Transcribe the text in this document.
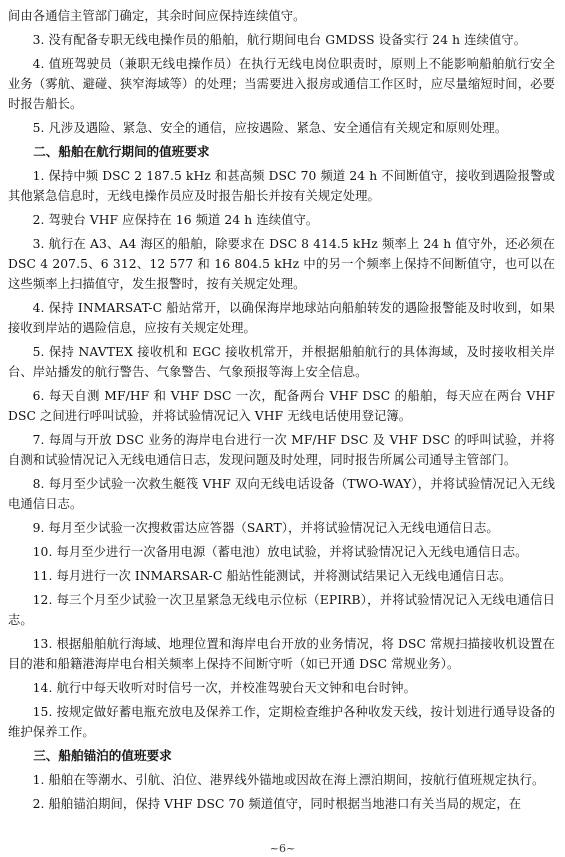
间由各通信主管部门确定，其余时间应保持连续值守。

3. 没有配备专职无线电操作员的船舶，航行期间电台 GMDSS 设备实行 24 h 连续值守。

4. 值班驾驶员（兼职无线电操作员）在执行无线电岗位职责时，原则上不能影响船舶航行安全业务（雾航、避碰、狭窄海域等）的处理；当需要进入报房或通信工作区时，应尽量缩短时间，必要时报告船长。

5. 凡涉及遇险、紧急、安全的通信，应按遇险、紧急、安全通信有关规定和原则处理。

二、船舶在航行期间的值班要求

1. 保持中频 DSC 2 187.5 kHz 和甚高频 DSC 70 频道 24 h 不间断值守，接收到遇险报警或其他紧急信息时，无线电操作员应及时报告船长并按有关规定处理。

2. 驾驶台 VHF 应保持在 16 频道 24 h 连续值守。

3. 航行在 A3、A4 海区的船舶，除要求在 DSC 8 414.5 kHz 频率上 24 h 值守外，还必须在 DSC 4 207.5、6 312、12 577 和 16 804.5 kHz 中的另一个频率上保持不间断值守，也可以在这些频率上扫描值守，发生报警时，按有关规定处理。

4. 保持 INMARSAT-C 船站常开，以确保海岸地球站向船舶转发的遇险报警能及时收到，如果接收到岸站的遇险信息，应按有关规定处理。

5. 保持 NAVTEX 接收机和 EGC 接收机常开，并根据船舶航行的具体海域，及时接收相关岸台、岸站播发的航行警告、气象警告、气象预报等海上安全信息。

6. 每天自测 MF/HF 和 VHF DSC 一次，配备两台 VHF DSC 的船舶，每天应在两台 VHF DSC 之间进行呼叫试验，并将试验情况记入 VHF 无线电话使用登记簿。

7. 每周与开放 DSC 业务的海岸电台进行一次 MF/HF DSC 及 VHF DSC 的呼叫试验，并将自测和试验情况记入无线电通信日志，发现问题及时处理，同时报告所属公司通导主管部门。

8. 每月至少试验一次救生艇筏 VHF 双向无线电话设备（TWO-WAY），并将试验情况记入无线电通信日志。

9. 每月至少试验一次搜救雷达应答器（SART），并将试验情况记入无线电通信日志。

10. 每月至少进行一次备用电源（蓄电池）放电试验，并将试验情况记入无线电通信日志。

11. 每月进行一次 INMARSAR-C 船站性能测试，并将测试结果记入无线电通信日志。

12. 每三个月至少试验一次卫星紧急无线电示位标（EPIRB），并将试验情况记入无线电通信日志。

13. 根据船舶航行海域、地理位置和海岸电台开放的业务情况，将 DSC 常规扫描接收机设置在目的港和船籍港海岸电台相关频率上保持不间断守听（如已开通 DSC 常规业务）。

14. 航行中每天收听对时信号一次，并校准驾驶台天文钟和电台时钟。

15. 按规定做好蓄电瓶充放电及保养工作，定期检查维护各种收发天线，按计划进行通导设备的维护保养工作。

三、船舶锚泊的值班要求

1. 船舶在等潮水、引航、泊位、港界线外锚地或因故在海上漂泊期间，按航行值班规定执行。

2. 船舶锚泊期间，保持 VHF DSC 70 频道值守，同时根据当地港口有关当局的规定，在

~6~
